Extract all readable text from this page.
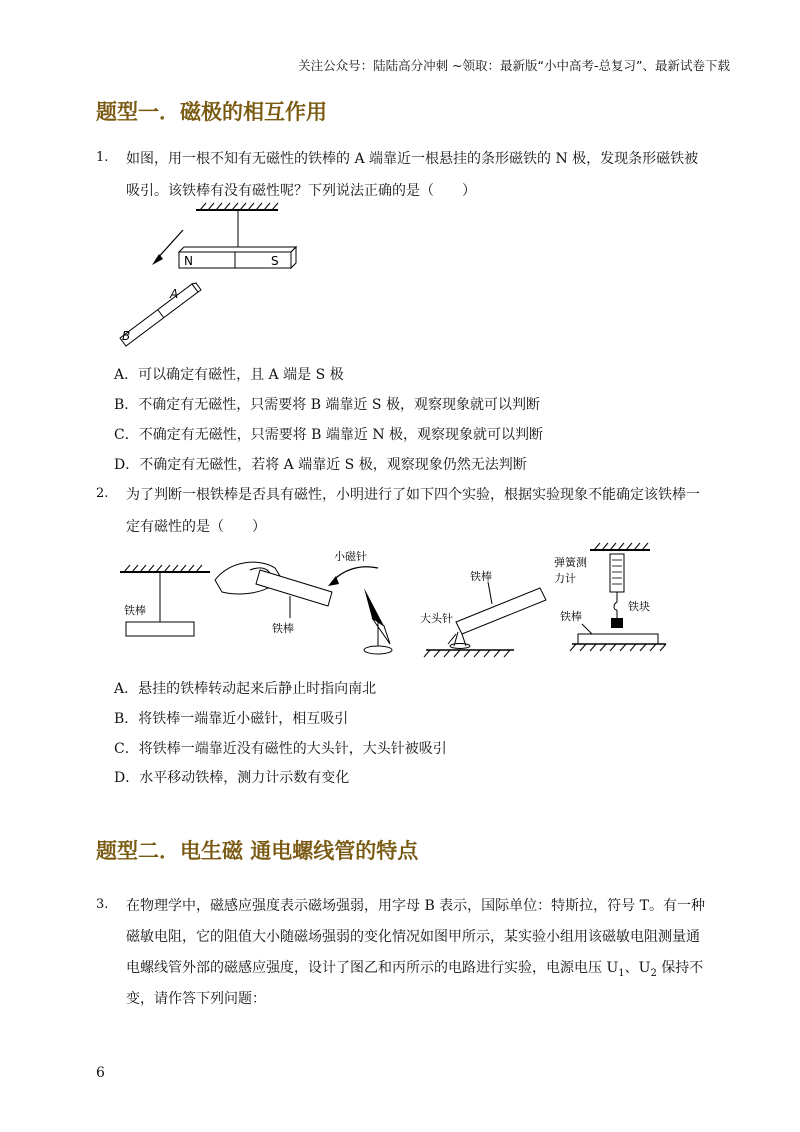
关注公众号：陆陆高分冲刺 ~领取：最新版“小中高考-总复习”、最新试卷下载
题型一．磁极的相互作用
1. 如图，用一根不知有无磁性的铁棒的 A 端靠近一根悬挂的条形磁铁的 N 极，发现条形磁铁被
吸引。该铁棒有没有磁性呢？下列说法正确的是（　　）
N	S
A
B
A．可以确定有磁性，且 A 端是 S 极
B．不确定有无磁性，只需要将 B 端靠近 S 极，观察现象就可以判断
C．不确定有无磁性，只需要将 B 端靠近 N 极，观察现象就可以判断
D．不确定有无磁性，若将 A 端靠近 S 极，观察现象仍然无法判断
2. 为了判断一根铁棒是否具有磁性，小明进行了如下四个实验，根据实验现象不能确定该铁棒一
定有磁性的是（　　）
铁棒
铁棒
小磁针
铁棒
大头针
弹簧测
力计
铁块
铁棒
A．悬挂的铁棒转动起来后静止时指向南北
B．将铁棒一端靠近小磁针，相互吸引
C．将铁棒一端靠近没有磁性的大头针，大头针被吸引
D．水平移动铁棒，测力计示数有变化
题型二．电生磁 通电螺线管的特点
3. 在物理学中，磁感应强度表示磁场强弱，用字母 B 表示，国际单位：特斯拉，符号 T。有一种
磁敏电阻，它的阻值大小随磁场强弱的变化情况如图甲所示，某实验小组用该磁敏电阻测量通
电螺线管外部的磁感应强度，设计了图乙和丙所示的电路进行实验，电源电压 $U_1$、$U_2$ 保持不
变，请作答下列问题：
6
